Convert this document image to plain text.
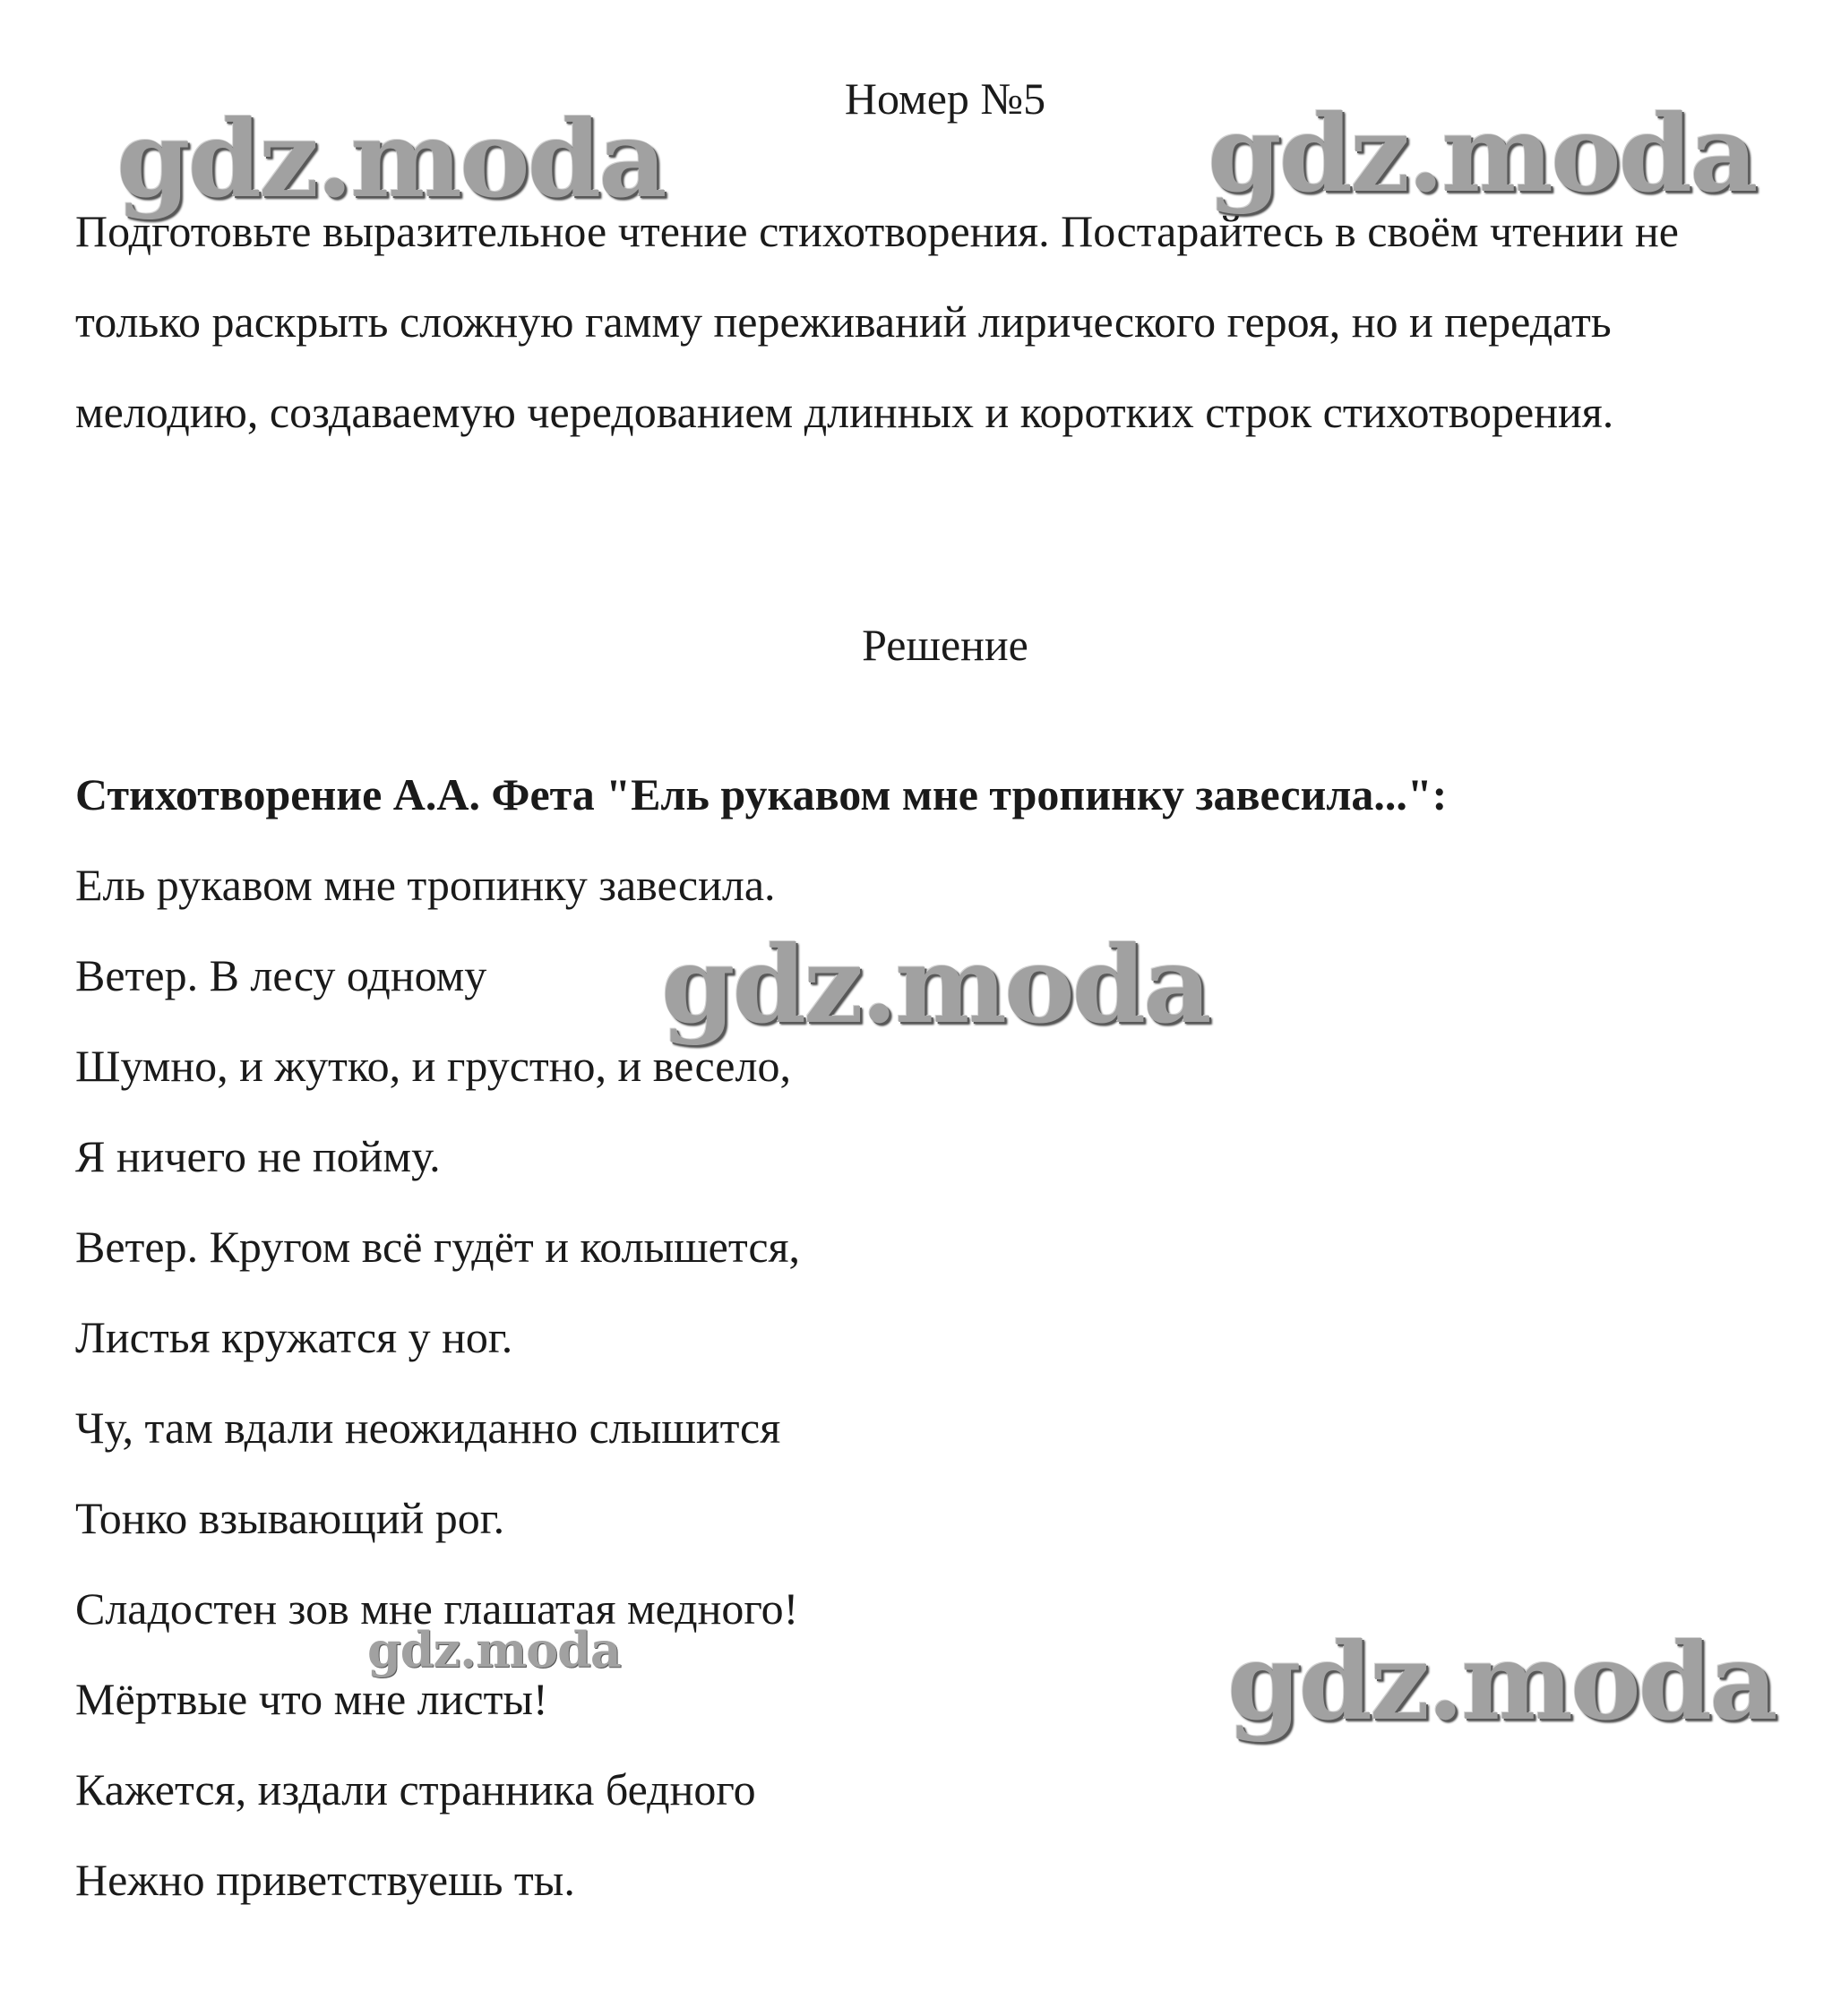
Номер №5

Подготовьте выразительное чтение стихотворения. Постарайтесь в своём чтении не только раскрыть сложную гамму переживаний лирического героя, но и передать мелодию, создаваемую чередованием длинных и коротких строк стихотворения.

Решение
Стихотворение А.А. Фета "Ель рукавом мне тропинку завесила...":
Ель рукавом мне тропинку завесила.
Ветер. В лесу одному
Шумно, и жутко, и грустно, и весело,
Я ничего не пойму.
Ветер. Кругом всё гудёт и колышется,
Листья кружатся у ног.
Чу, там вдали неожиданно слышится
Тонко взывающий рог.
Сладостен зов мне глашатая медного!
Мёртвые что мне листы!
Кажется, издали странника бедного
Нежно приветствуешь ты.
gdz.moda	gdz.moda
gdz.moda
gdz.moda
gdz.moda
